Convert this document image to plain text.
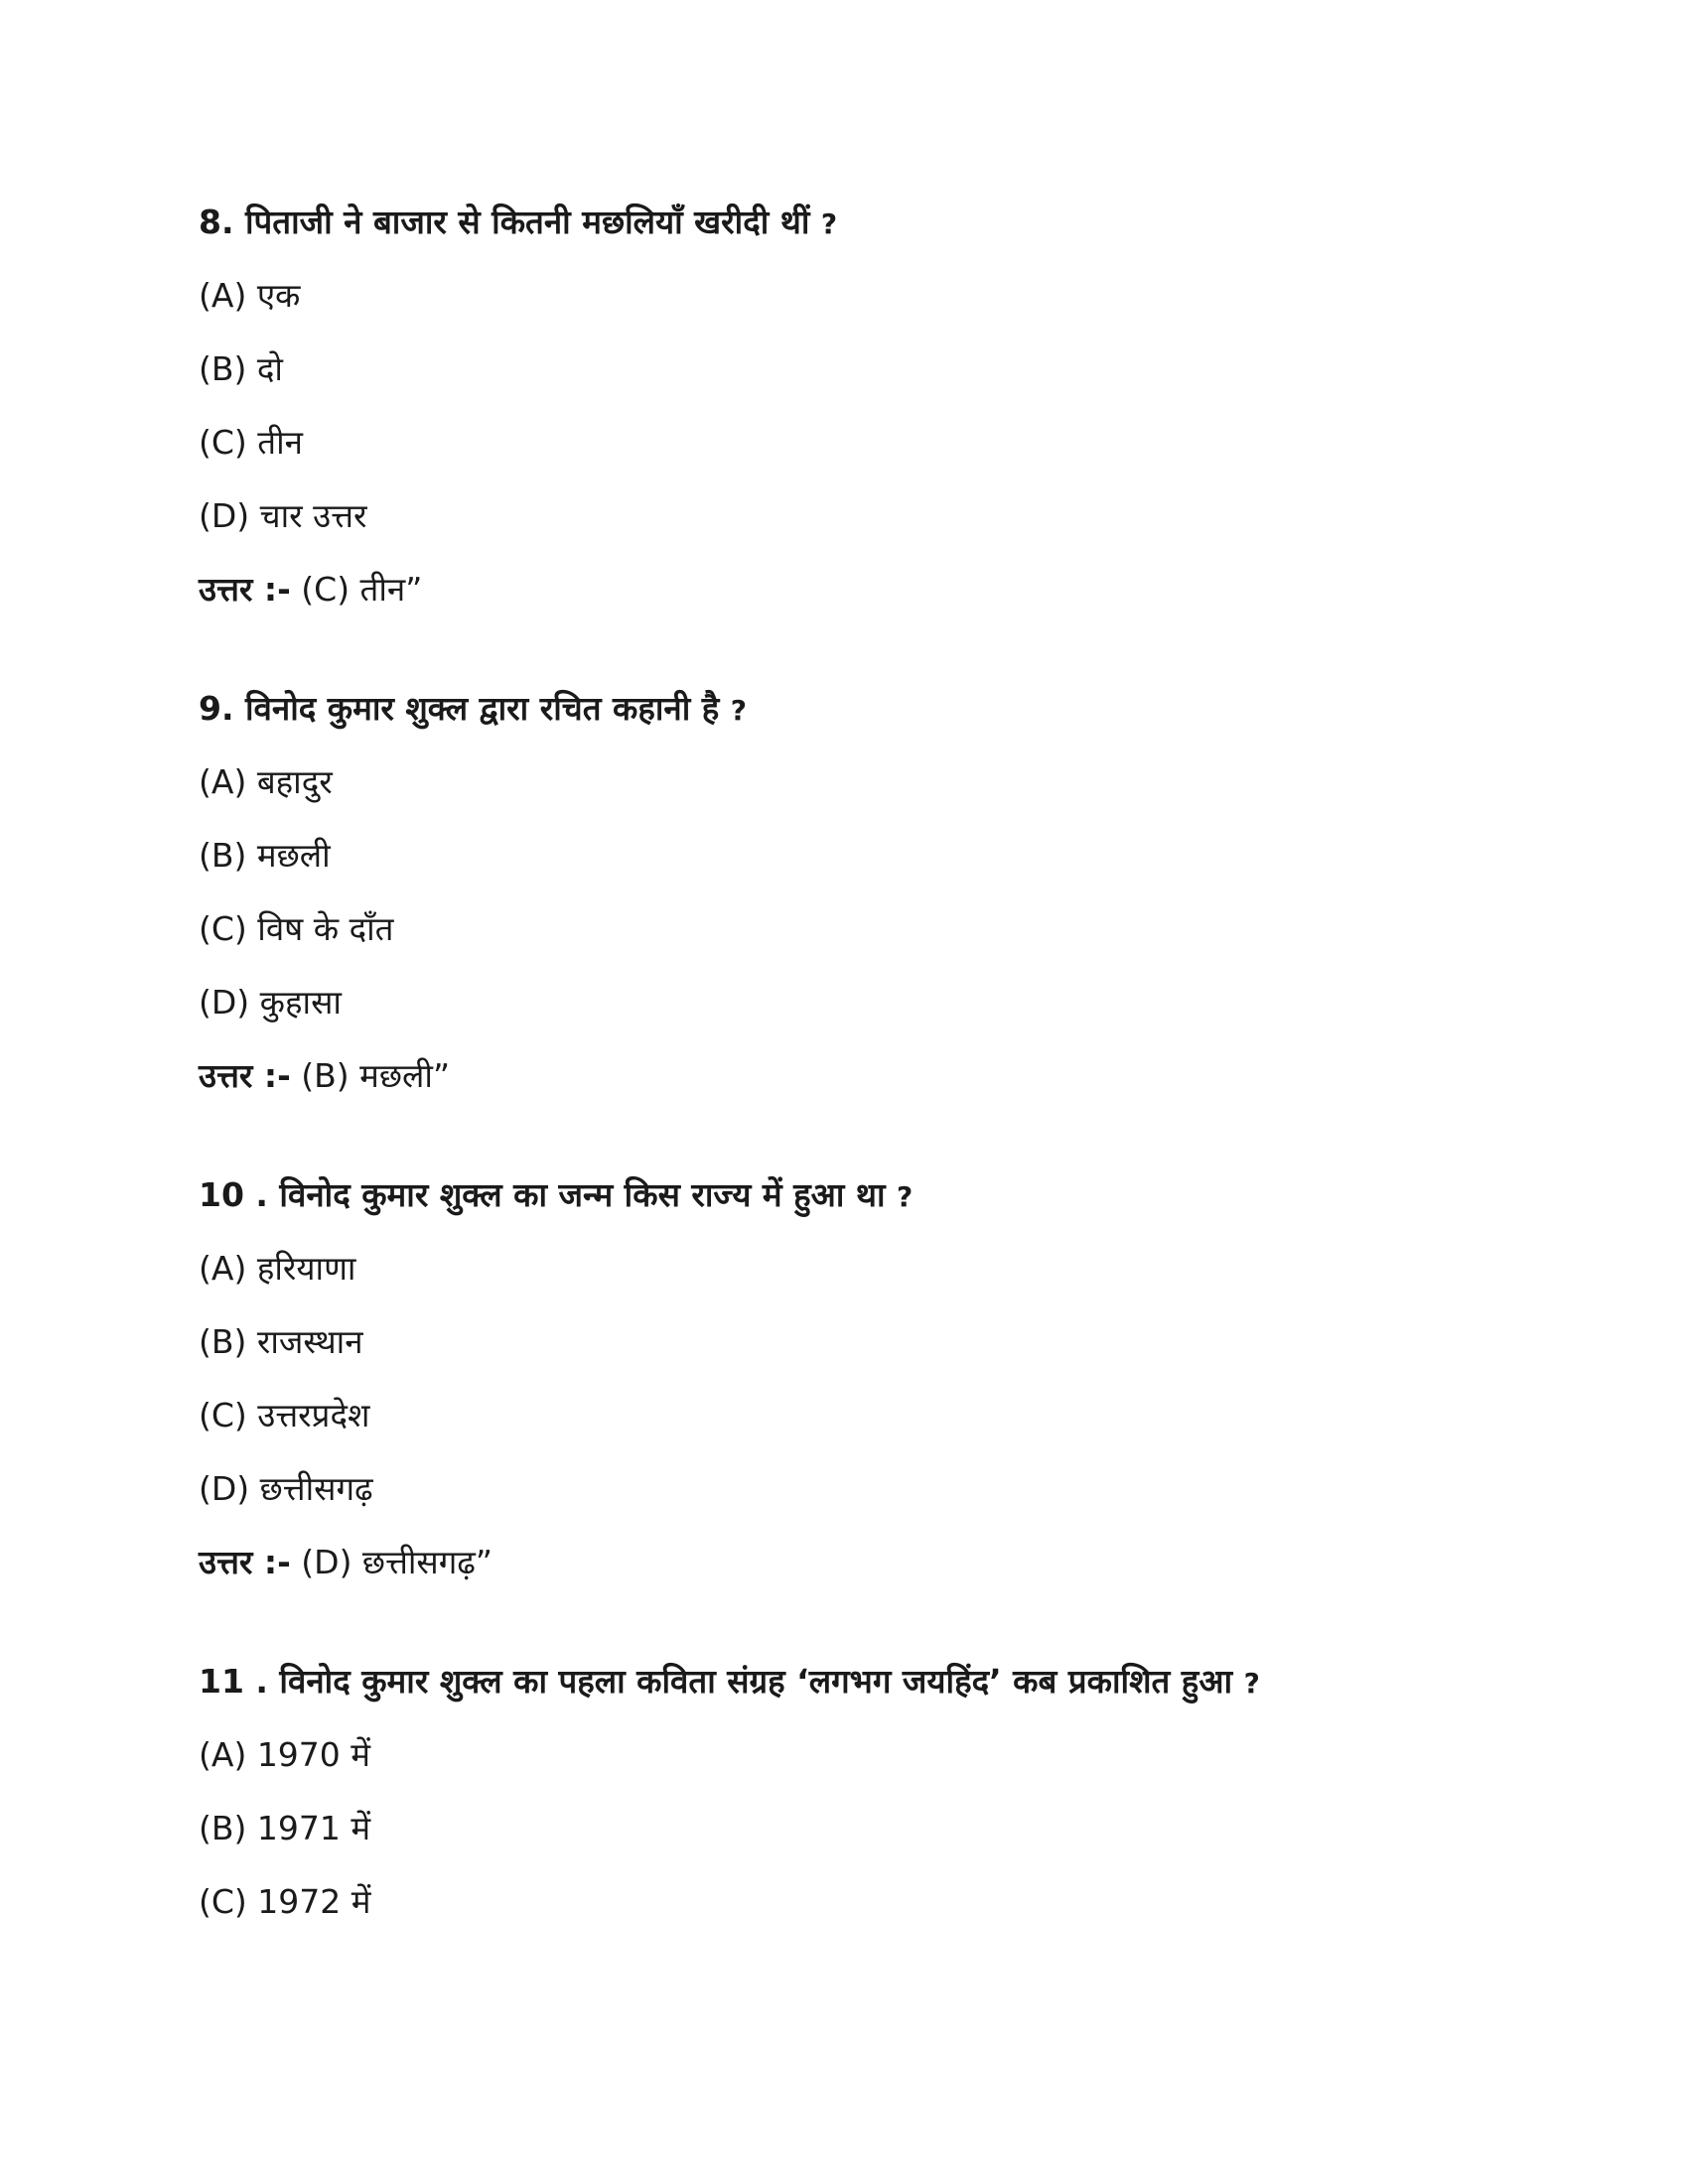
8. पिताजी ने बाजार से कितनी मछलियाँ खरीदी थीं ?
(A) एक
(B) दो
(C) तीन
(D) चार उत्तर
उत्तर :- (C) तीन”
9. विनोद कुमार शुक्ल द्वारा रचित कहानी है ?
(A) बहादुर
(B) मछली
(C) विष के दाँत
(D) कुहासा
उत्तर :- (B) मछली”
10 . विनोद कुमार शुक्ल का जन्म किस राज्य में हुआ था ?
(A) हरियाणा
(B) राजस्थान
(C) उत्तरप्रदेश
(D) छत्तीसगढ़
उत्तर :- (D) छत्तीसगढ़”
11 . विनोद कुमार शुक्ल का पहला कविता संग्रह ‘लगभग जयहिंद’ कब प्रकाशित हुआ ?
(A) 1970 में
(B) 1971 में
(C) 1972 में
